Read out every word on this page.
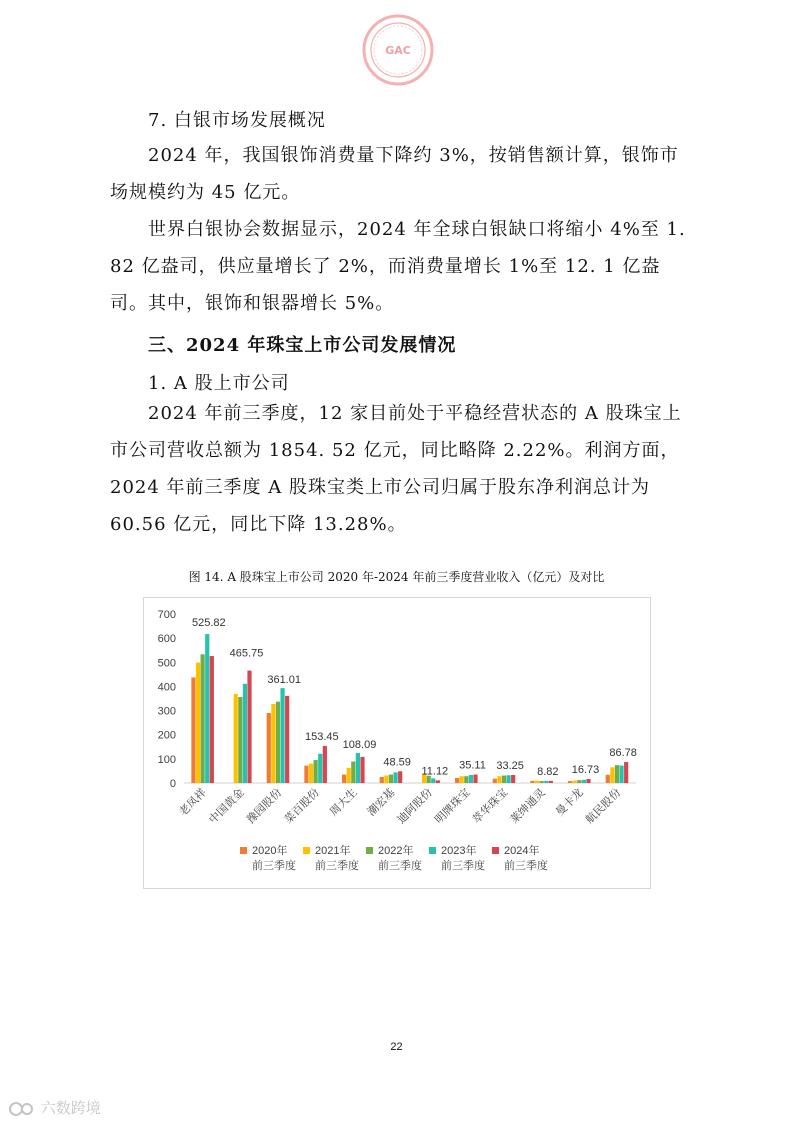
GAC
7. 白银市场发展概况

2024 年，我国银饰消费量下降约 3%，按销售额计算，银饰市场规模约为 45 亿元。

世界白银协会数据显示，2024 年全球白银缺口将缩小 4%至 1. 82 亿盎司，供应量增长了 2%，而消费量增长 1%至 12. 1 亿盎司。其中，银饰和银器增长 5%。

三、2024 年珠宝上市公司发展情况
1. A 股上市公司

2024 年前三季度，12 家目前处于平稳经营状态的 A 股珠宝上市公司营收总额为 1854. 52 亿元，同比略降 2.22%。利润方面，2024 年前三季度 A 股珠宝类上市公司归属于股东净利润总计为 60.56 亿元，同比下降 13.28%。

图 14. A 股珠宝上市公司 2020 年-2024 年前三季度营业收入（亿元）及对比
0
100
200
300
400
500
600
700
525.82
老凤祥
465.75
中国黄金
361.01
豫园股份
153.45
菜百股份
108.09
周大生
48.59
潮宏基
11.12
迪阿股份
35.11
明牌珠宝
33.25
萃华珠宝
8.82
莱绅通灵
16.73
曼卡龙
86.78
航民股份
2020年
前三季度
2021年
前三季度
2022年
前三季度
2023年
前三季度
2024年
前三季度
22
六数跨境
